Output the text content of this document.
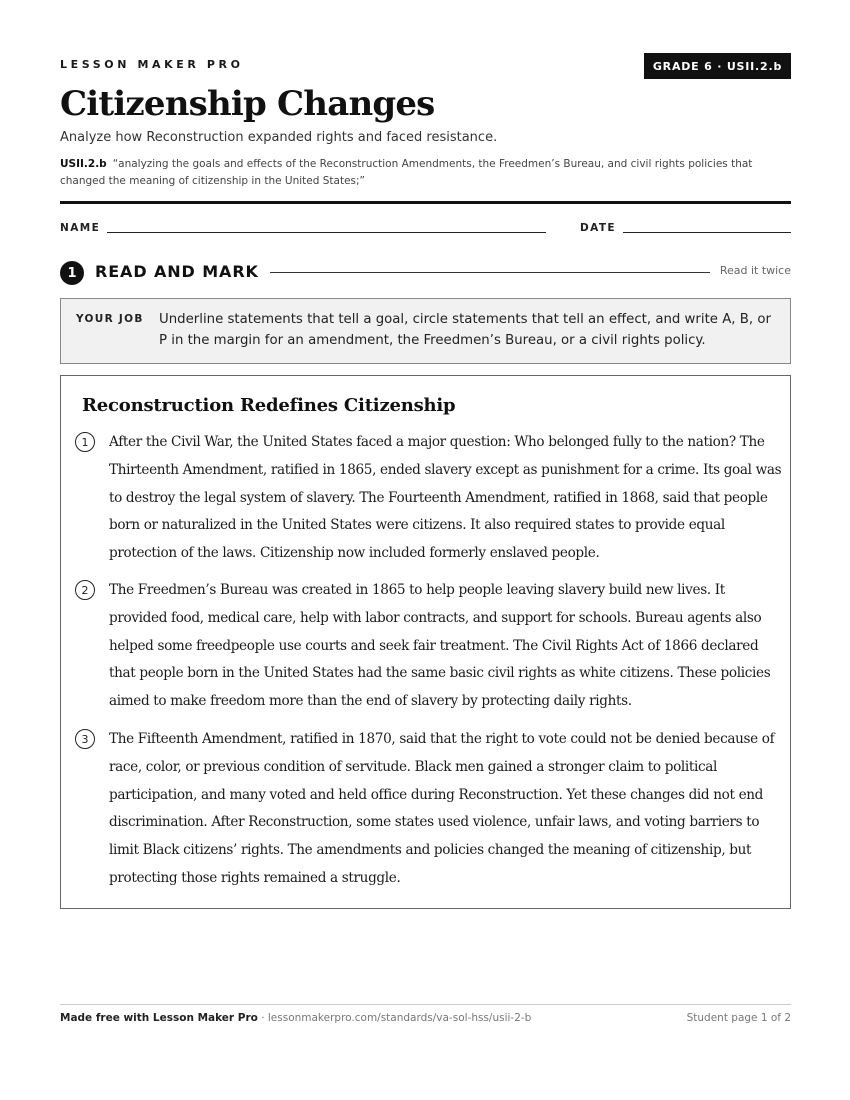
LESSON MAKER PRO	GRADE 6 · USII.2.b
Citizenship Changes
Analyze how Reconstruction expanded rights and faced resistance.
USII.2.b “analyzing the goals and effects of the Reconstruction Amendments, the Freedmen’s Bureau, and civil rights policies that changed the meaning of citizenship in the United States;”
NAME	DATE
1	READ AND MARK	Read it twice
YOUR JOB Underline statements that tell a goal, circle statements that tell an effect, and write A, B, or P in the margin for an amendment, the Freedmen’s Bureau, or a civil rights policy.
Reconstruction Redefines Citizenship
1	After the Civil War, the United States faced a major question: Who belonged fully to the nation? The Thirteenth Amendment, ratified in 1865, ended slavery except as punishment for a crime. Its goal was to destroy the legal system of slavery. The Fourteenth Amendment, ratified in 1868, said that people born or naturalized in the United States were citizens. It also required states to provide equal protection of the laws. Citizenship now included formerly enslaved people.

2	The Freedmen’s Bureau was created in 1865 to help people leaving slavery build new lives. It provided food, medical care, help with labor contracts, and support for schools. Bureau agents also helped some freedpeople use courts and seek fair treatment. The Civil Rights Act of 1866 declared that people born in the United States had the same basic civil rights as white citizens. These policies aimed to make freedom more than the end of slavery by protecting daily rights.

3	The Fifteenth Amendment, ratified in 1870, said that the right to vote could not be denied because of race, color, or previous condition of servitude. Black men gained a stronger claim to political participation, and many voted and held office during Reconstruction. Yet these changes did not end discrimination. After Reconstruction, some states used violence, unfair laws, and voting barriers to limit Black citizens’ rights. The amendments and policies changed the meaning of citizenship, but protecting those rights remained a struggle.

Made free with Lesson Maker Pro · lessonmakerpro.com/standards/va-sol-hss/usii-2-b	Student page 1 of 2
